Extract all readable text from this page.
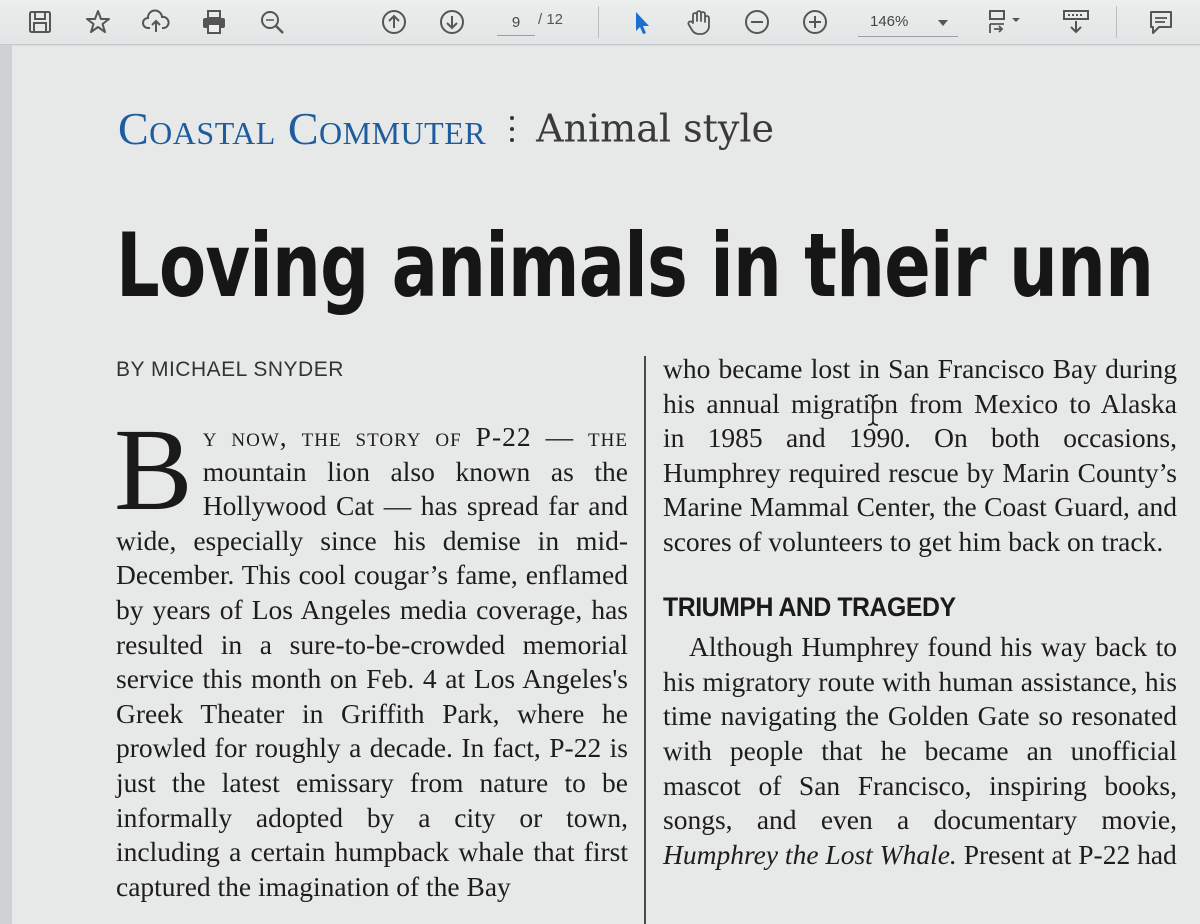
9
/ 12	146%
Coastal Commuter Animal style
Loving animals in their unn
BY MICHAEL SNYDER

B y now, the story of P-22 — the mountain lion also known as the Hollywood Cat — has spread far and wide, especially since his demise in mid-December. This cool cougar’s fame, enflamed by years of Los Angeles media coverage, has resulted in a sure-to-be-crowded memorial service this month on Feb. 4 at Los Angeles's Greek Theater in Griffith Park, where he prowled for roughly a decade. In fact, P-22 is just the latest emissary from nature to be informally adopted by a city or town, including a certain humpback whale that first captured the imagination of the Bay

who became lost in San Francisco Bay during his annual migration from Mexico to Alaska in 1985 and 1990. On both occasions, Humphrey required rescue by Marin County’s Marine Mammal Center, the Coast Guard, and scores of volunteers to get him back on track.

TRIUMPH AND TRAGEDY

Although Humphrey found his way back to his migratory route with human assistance, his time navigating the Golden Gate so resonated with people that he became an unofficial mascot of San Francisco, inspiring books, songs, and even a documentary movie, Humphrey the Lost Whale. Present at P-22 had
